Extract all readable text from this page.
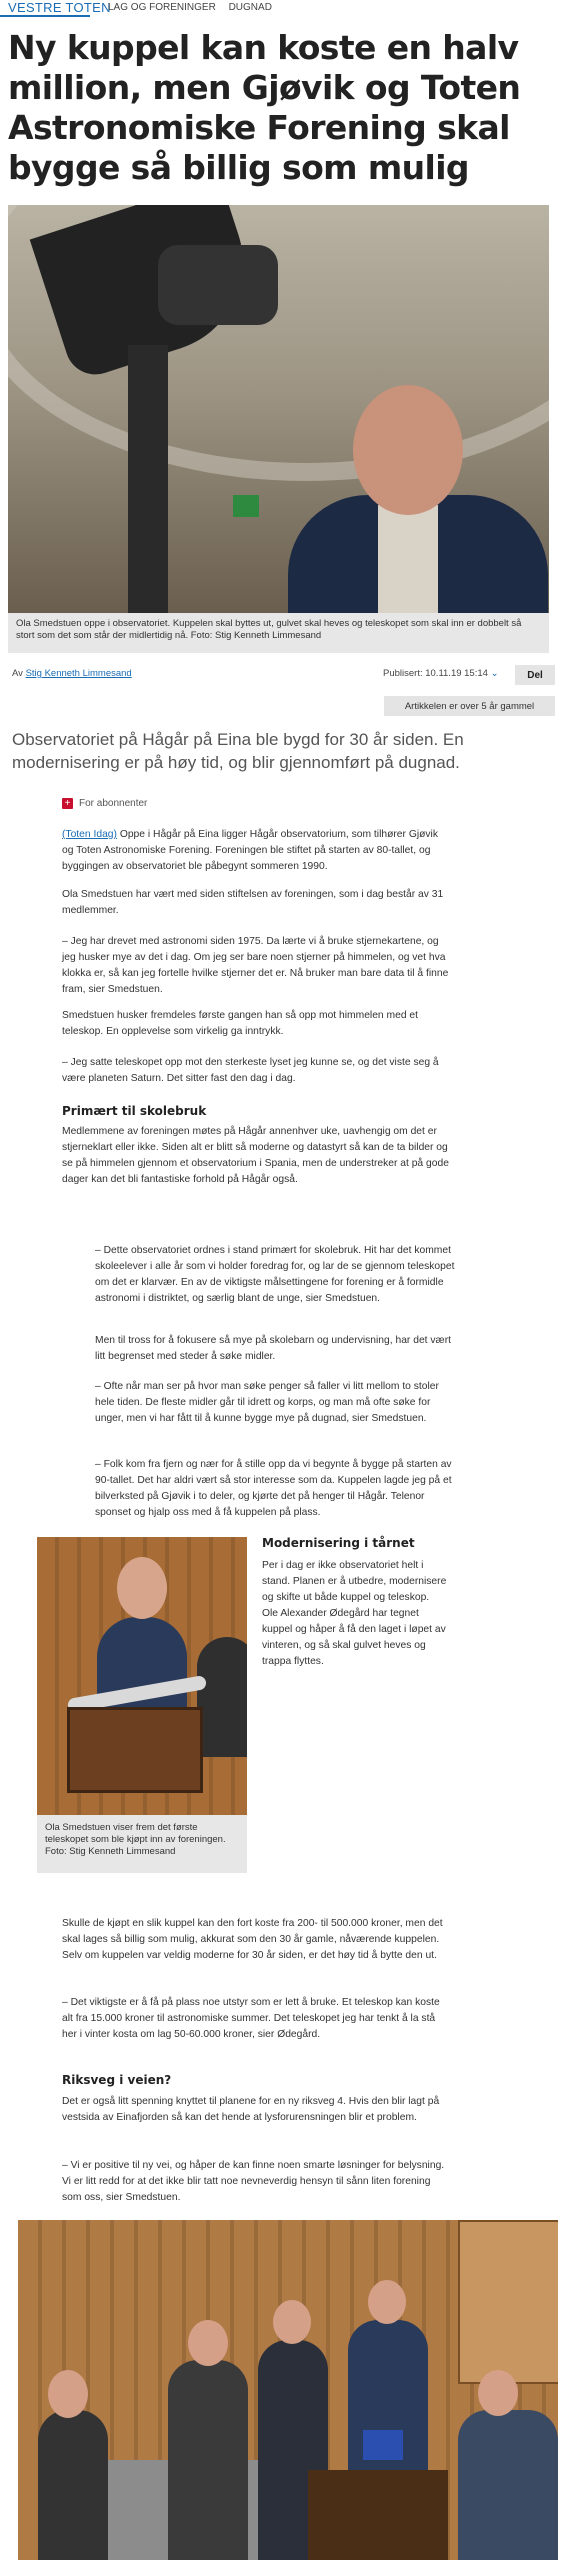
VESTRE TOTEN
LAG OG FORENINGER DUGNAD
Ny kuppel kan koste en halv million, men Gjøvik og Toten Astronomiske Forening skal bygge så billig som mulig
Ola Smedstuen oppe i observatoriet. Kuppelen skal byttes ut, gulvet skal heves og teleskopet som skal inn er dobbelt så stort som det som står der midlertidig nå. Foto: Stig Kenneth Limmesand
Av Stig Kenneth Limmesand	Publisert: 10.11.19 15:14 ⌄	Del
Artikkelen er over 5 år gammel
Observatoriet på Hågår på Eina ble bygd for 30 år siden. En modernisering er på høy tid, og blir gjennomført på dugnad.
+ For abonnenter

(Toten Idag) Oppe i Hågår på Eina ligger Hågår observatorium, som tilhører Gjøvik og Toten Astronomiske Forening. Foreningen ble stiftet på starten av 80-tallet, og byggingen av observatoriet ble påbegynt sommeren 1990.

Ola Smedstuen har vært med siden stiftelsen av foreningen, som i dag består av 31 medlemmer.

– Jeg har drevet med astronomi siden 1975. Da lærte vi å bruke stjernekartene, og jeg husker mye av det i dag. Om jeg ser bare noen stjerner på himmelen, og vet hva klokka er, så kan jeg fortelle hvilke stjerner det er. Nå bruker man bare data til å finne fram, sier Smedstuen.

Smedstuen husker fremdeles første gangen han så opp mot himmelen med et teleskop. En opplevelse som virkelig ga inntrykk.

– Jeg satte teleskopet opp mot den sterkeste lyset jeg kunne se, og det viste seg å være planeten Saturn. Det sitter fast den dag i dag.

Primært til skolebruk

Medlemmene av foreningen møtes på Hågår annenhver uke, uavhengig om det er stjerneklart eller ikke. Siden alt er blitt så moderne og datastyrt så kan de ta bilder og se på himmelen gjennom et observatorium i Spania, men de understreker at på gode dager kan det bli fantastiske forhold på Hågår også.

– Dette observatoriet ordnes i stand primært for skolebruk. Hit har det kommet skoleelever i alle år som vi holder foredrag for, og lar de se gjennom teleskopet om det er klarvær. En av de viktigste målsettingene for forening er å formidle astronomi i distriktet, og særlig blant de unge, sier Smedstuen.

Men til tross for å fokusere så mye på skolebarn og undervisning, har det vært litt begrenset med steder å søke midler.

– Ofte når man ser på hvor man søke penger så faller vi litt mellom to stoler hele tiden. De fleste midler går til idrett og korps, og man må ofte søke for unger, men vi har fått til å kunne bygge mye på dugnad, sier Smedstuen.

– Folk kom fra fjern og nær for å stille opp da vi begynte å bygge på starten av 90-tallet. Det har aldri vært så stor interesse som da. Kuppelen lagde jeg på et bilverksted på Gjøvik i to deler, og kjørte det på henger til Hågår. Telenor sponset og hjalp oss med å få kuppelen på plass.

Ola Smedstuen viser frem det første teleskopet som ble kjøpt inn av foreningen. Foto: Stig Kenneth Limmesand
Modernisering i tårnet

Per i dag er ikke observatoriet helt i stand. Planen er å utbedre, modernisere og skifte ut både kuppel og teleskop. Ole Alexander Ødegård har tegnet kuppel og håper å få den laget i løpet av vinteren, og så skal gulvet heves og trappa flyttes.

Skulle de kjøpt en slik kuppel kan den fort koste fra 200- til 500.000 kroner, men det skal lages så billig som mulig, akkurat som den 30 år gamle, nåværende kuppelen. Selv om kuppelen var veldig moderne for 30 år siden, er det høy tid å bytte den ut.

– Det viktigste er å få på plass noe utstyr som er lett å bruke. Et teleskop kan koste alt fra 15.000 kroner til astronomiske summer. Det teleskopet jeg har tenkt å la stå her i vinter kosta om lag 50-60.000 kroner, sier Ødegård.

Riksveg i veien?

Det er også litt spenning knyttet til planene for en ny riksveg 4. Hvis den blir lagt på vestsida av Einafjorden så kan det hende at lysforurensningen blir et problem.

– Vi er positive til ny vei, og håper de kan finne noen smarte løsninger for belysning. Vi er litt redd for at det ikke blir tatt noe nevneverdig hensyn til sånn liten forening som oss, sier Smedstuen.
